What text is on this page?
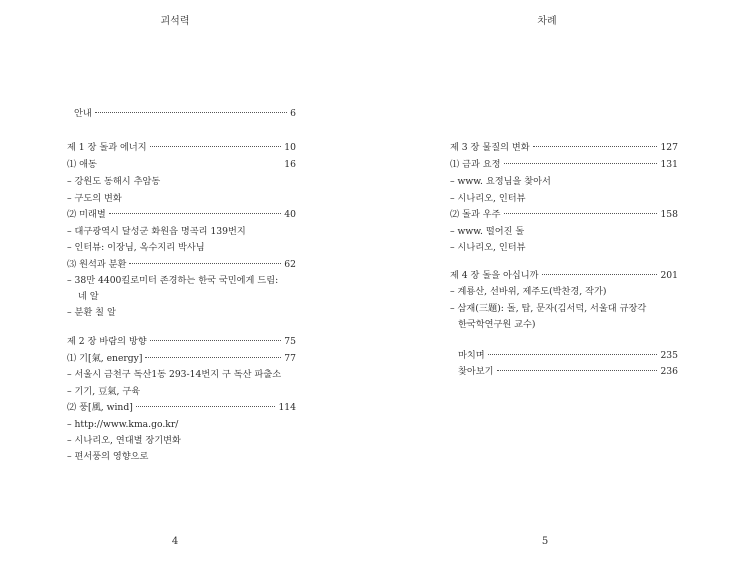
괴석력
안내	6
제 1 장 돌과 에너지	10
⑴ 애동	16
– 강원도 동해시 추암동
– 구도의 변화
⑵ 미래별	40
– 대구광역시 달성군 화원읍 명곡리 139번지
– 인터뷰: 이장님, 옥수지리 박사님
⑶ 원석과 분환	62
– 38만 4400킬로미터 존경하는 한국 국민에게 드림:
네 알
– 분환 칠 알
제 2 장 바람의 방향	75
⑴ 기[氣, energy]	77
– 서울시 금천구 독산1동 293-14번지 구 독산 파출소
– 기기, 豆氣, 구육
⑵ 풍[風, wind]	114
– http://www.kma.go.kr/
– 시나리오, 연대별 장기변화
– 편서풍의 영향으로
4
차례
제 3 장 물질의 변화	127
⑴ 금과 요정	131
– www. 요정님을 찾아서
– 시나리오, 인터뷰
⑵ 돌과 우주	158
– www. 떨어진 돌
– 시나리오, 인터뷰
제 4 장 돌을 아십니까	201
– 계룡산, 선바위, 제주도(박찬경, 작가)
– 삼재(三題): 돌, 탑, 문자(김서덕, 서울대 규장각
한국학연구원 교수)
마치며	235
찾아보기	236
5
